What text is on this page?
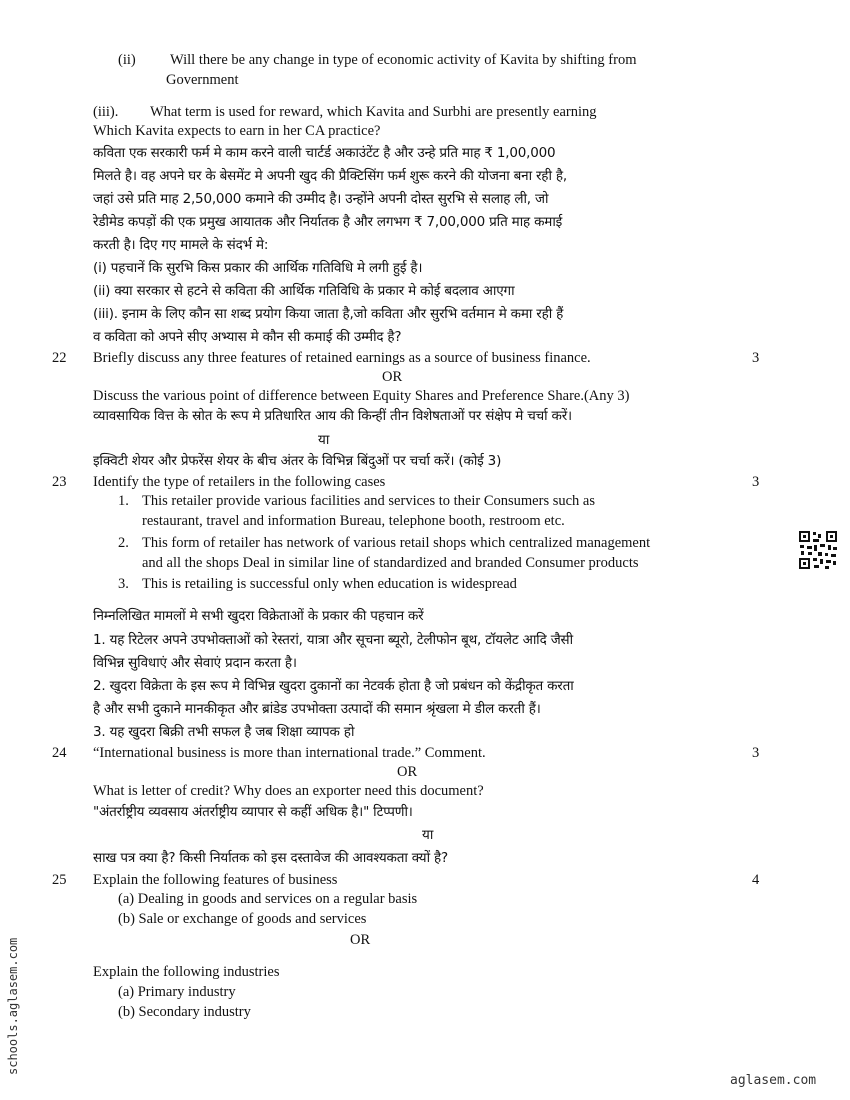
(ii) Will there be any change in type of economic activity of Kavita by shifting from
Government
(iii). What term is used for reward, which Kavita and Surbhi are presently earning
Which Kavita expects to earn in her CA practice?
कविता एक सरकारी फर्म मे काम करने वाली चार्टर्ड अकाउंटेंट है और उन्हे प्रति माह ₹ 1,00,000
मिलते है। वह अपने घर के बेसमेंट मे अपनी खुद की प्रैक्टिसिंग फर्म शुरू करने की योजना बना रही है,
जहां उसे प्रति माह 2,50,000 कमाने की उम्मीद है। उन्होंने अपनी दोस्त सुरभि से सलाह ली, जो
रेडीमेड कपड़ों की एक प्रमुख आयातक और निर्यातक है और लगभग ₹ 7,00,000 प्रति माह कमाई
करती है। दिए गए मामले के संदर्भ मे:
(i) पहचानें कि सुरभि किस प्रकार की आर्थिक गतिविधि मे लगी हुई है।
(ii) क्या सरकार से हटने से कविता की आर्थिक गतिविधि के प्रकार मे कोई बदलाव आएगा
(iii). इनाम के लिए कौन सा शब्द प्रयोग किया जाता है,जो कविता और सुरभि वर्तमान मे कमा रही हैं
व कविता को अपने सीए अभ्यास मे कौन सी कमाई की उम्मीद है?
22 Briefly discuss any three features of retained earnings as a source of business finance.	3
OR
Discuss the various point of difference between Equity Shares and Preference Share.(Any 3)
व्यावसायिक वित्त के स्रोत के रूप मे प्रतिधारित आय की किन्हीं तीन विशेषताओं पर संक्षेप मे चर्चा करें।
या
इक्विटी शेयर और प्रेफरेंस शेयर के बीच अंतर के विभिन्न बिंदुओं पर चर्चा करें। (कोई 3)
23 Identify the type of retailers in the following cases	3
1. This retailer provide various facilities and services to their Consumers such as
restaurant, travel and information Bureau, telephone booth, restroom etc.
2. This form of retailer has network of various retail shops which centralized management
and all the shops Deal in similar line of standardized and branded Consumer products
3. This is retailing is successful only when education is widespread
निम्नलिखित मामलों मे सभी खुदरा विक्रेताओं के प्रकार की पहचान करें
1. यह रिटेलर अपने उपभोक्ताओं को रेस्तरां, यात्रा और सूचना ब्यूरो, टेलीफोन बूथ, टॉयलेट आदि जैसी
विभिन्न सुविधाएं और सेवाएं प्रदान करता है।
2. खुदरा विक्रेता के इस रूप मे विभिन्न खुदरा दुकानों का नेटवर्क होता है जो प्रबंधन को केंद्रीकृत करता
है और सभी दुकाने मानकीकृत और ब्रांडेड उपभोक्ता उत्पादों की समान श्रृंखला मे डील करती हैं।
3. यह खुदरा बिक्री तभी सफल है जब शिक्षा व्यापक हो
24 “International business is more than international trade.” Comment.	3
OR
What is letter of credit? Why does an exporter need this document?
"अंतर्राष्ट्रीय व्यवसाय अंतर्राष्ट्रीय व्यापार से कहीं अधिक है।" टिप्पणी।
या
साख पत्र क्या है? किसी निर्यातक को इस दस्तावेज की आवश्यकता क्यों है?
25 Explain the following features of business	4
(a) Dealing in goods and services on a regular basis
(b) Sale or exchange of goods and services
OR
Explain the following industries
(a) Primary industry
(b) Secondary industry
schools.aglasem.com
aglasem.com
